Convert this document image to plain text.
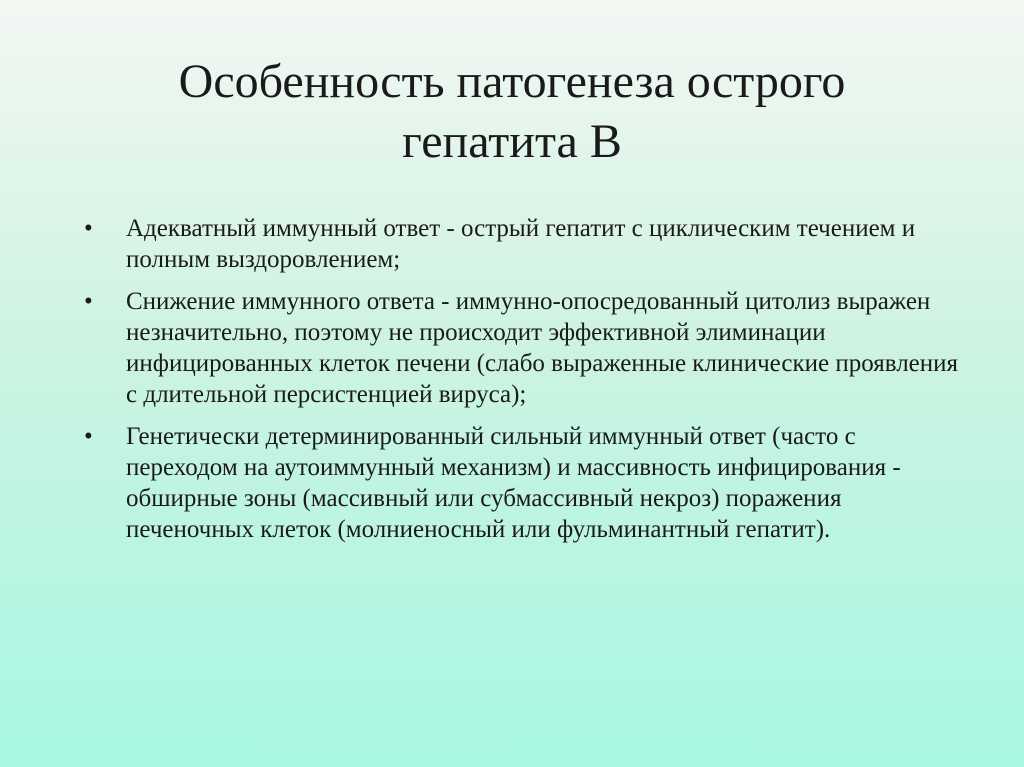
Особенность патогенеза острого
гепатита В
• Адекватный иммунный ответ - острый гепатит с циклическим течением и полным выздоровлением;
• Снижение иммунного ответа - иммунно-опосредованный цитолиз выражен незначительно, поэтому не происходит эффективной элиминации инфицированных клеток печени (слабо выраженные клинические проявления с длительной персистенцией вируса);
• Генетически детерминированный сильный иммунный ответ (часто с переходом на аутоиммунный механизм) и массивность инфицирования - обширные зоны (массивный или субмассивный некроз) поражения печеночных клеток (молниеносный или фульминантный гепатит).
